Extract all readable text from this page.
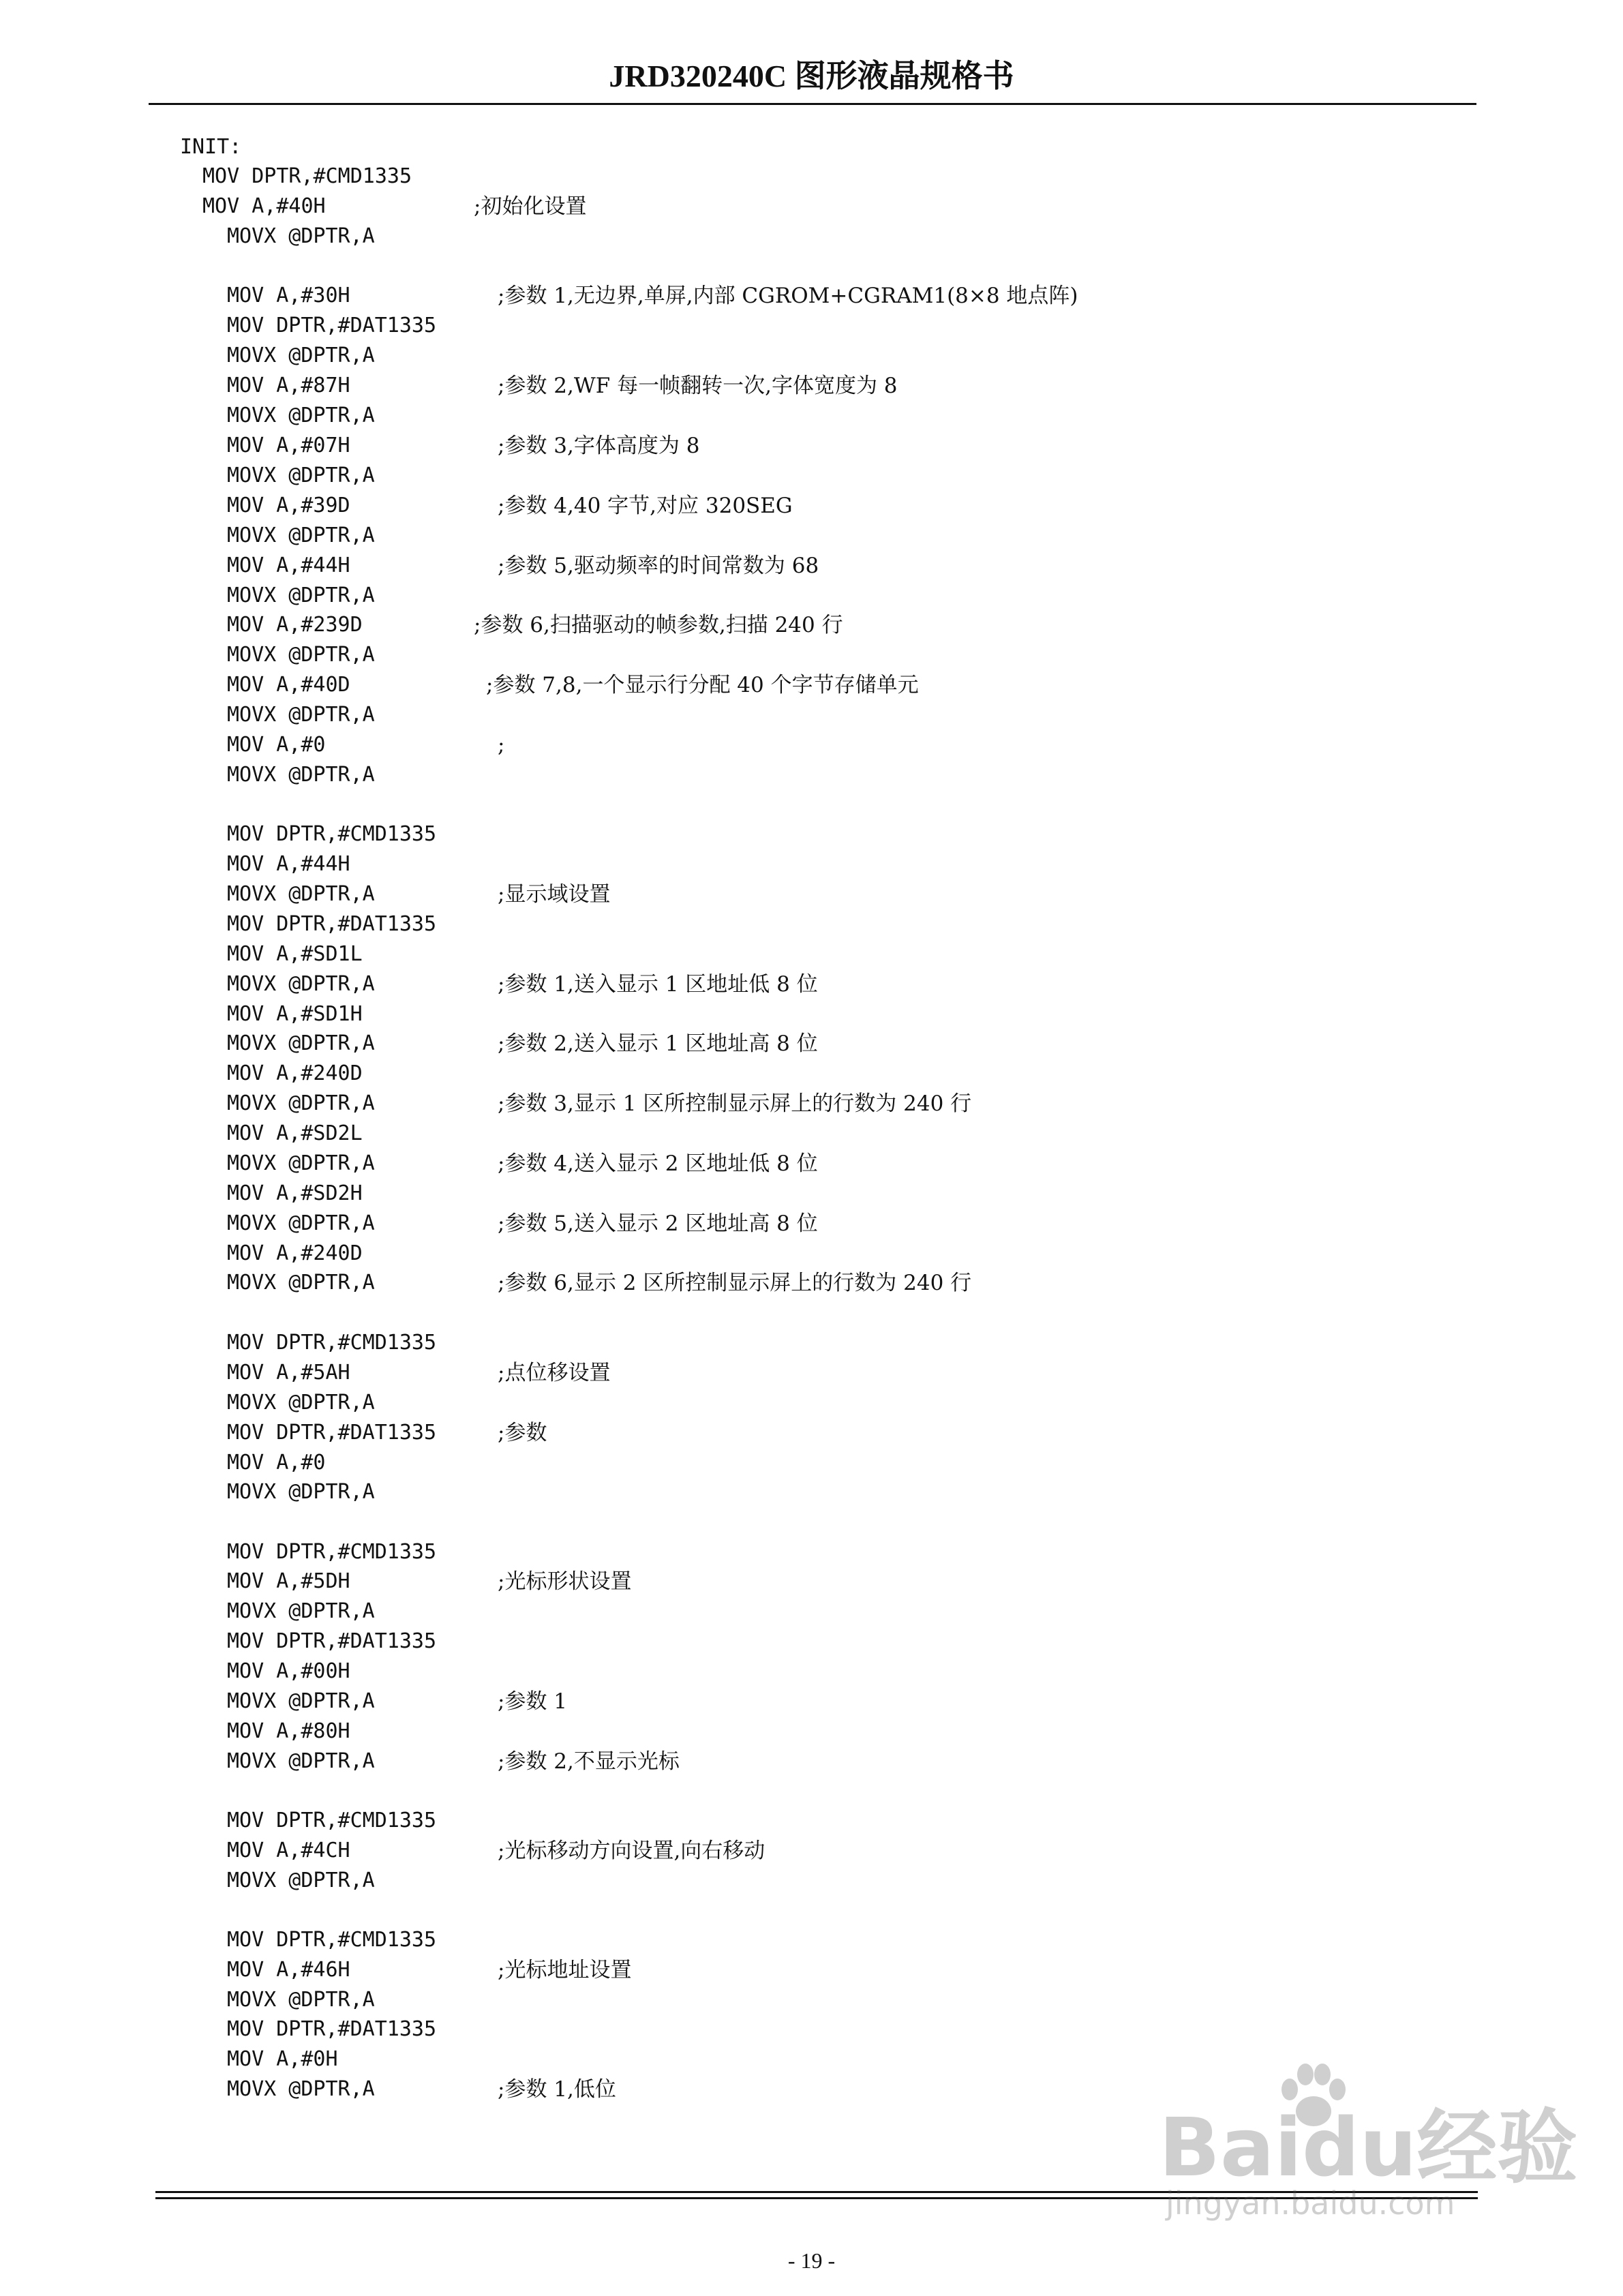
JRD320240C 图形液晶规格书
INIT:
MOV DPTR,#CMD1335
MOV A,#40H	;初始化设置
MOVX @DPTR,A
MOV A,#30H	;参数 1,无边界,单屏,内部 CGROM+CGRAM1(8×8 地点阵)
MOV DPTR,#DAT1335
MOVX @DPTR,A
MOV A,#87H	;参数 2,WF 每一帧翻转一次,字体宽度为 8
MOVX @DPTR,A
MOV A,#07H	;参数 3,字体高度为 8
MOVX @DPTR,A
MOV A,#39D	;参数 4,40 字节,对应 320SEG
MOVX @DPTR,A
MOV A,#44H	;参数 5,驱动频率的时间常数为 68
MOVX @DPTR,A
MOV A,#239D	;参数 6,扫描驱动的帧参数,扫描 240 行
MOVX @DPTR,A
MOV A,#40D	;参数 7,8,一个显示行分配 40 个字节存储单元
MOVX @DPTR,A
MOV A,#0	;
MOVX @DPTR,A
MOV DPTR,#CMD1335
MOV A,#44H
MOVX @DPTR,A	;显示域设置
MOV DPTR,#DAT1335
MOV A,#SD1L
MOVX @DPTR,A	;参数 1,送入显示 1 区地址低 8 位
MOV A,#SD1H
MOVX @DPTR,A	;参数 2,送入显示 1 区地址高 8 位
MOV A,#240D
MOVX @DPTR,A	;参数 3,显示 1 区所控制显示屏上的行数为 240 行
MOV A,#SD2L
MOVX @DPTR,A	;参数 4,送入显示 2 区地址低 8 位
MOV A,#SD2H
MOVX @DPTR,A	;参数 5,送入显示 2 区地址高 8 位
MOV A,#240D
MOVX @DPTR,A	;参数 6,显示 2 区所控制显示屏上的行数为 240 行
MOV DPTR,#CMD1335
MOV A,#5AH	;点位移设置
MOVX @DPTR,A
MOV DPTR,#DAT1335	;参数
MOV A,#0
MOVX @DPTR,A
MOV DPTR,#CMD1335
MOV A,#5DH	;光标形状设置
MOVX @DPTR,A
MOV DPTR,#DAT1335
MOV A,#00H
MOVX @DPTR,A	;参数 1
MOV A,#80H
MOVX @DPTR,A	;参数 2,不显示光标
MOV DPTR,#CMD1335
MOV A,#4CH	;光标移动方向设置,向右移动
MOVX @DPTR,A
MOV DPTR,#CMD1335
MOV A,#46H	;光标地址设置
MOVX @DPTR,A
MOV DPTR,#DAT1335
MOV A,#0H
MOVX @DPTR,A	;参数 1,低位
- 19 -
Baidu经验
jingyan.baidu.com
